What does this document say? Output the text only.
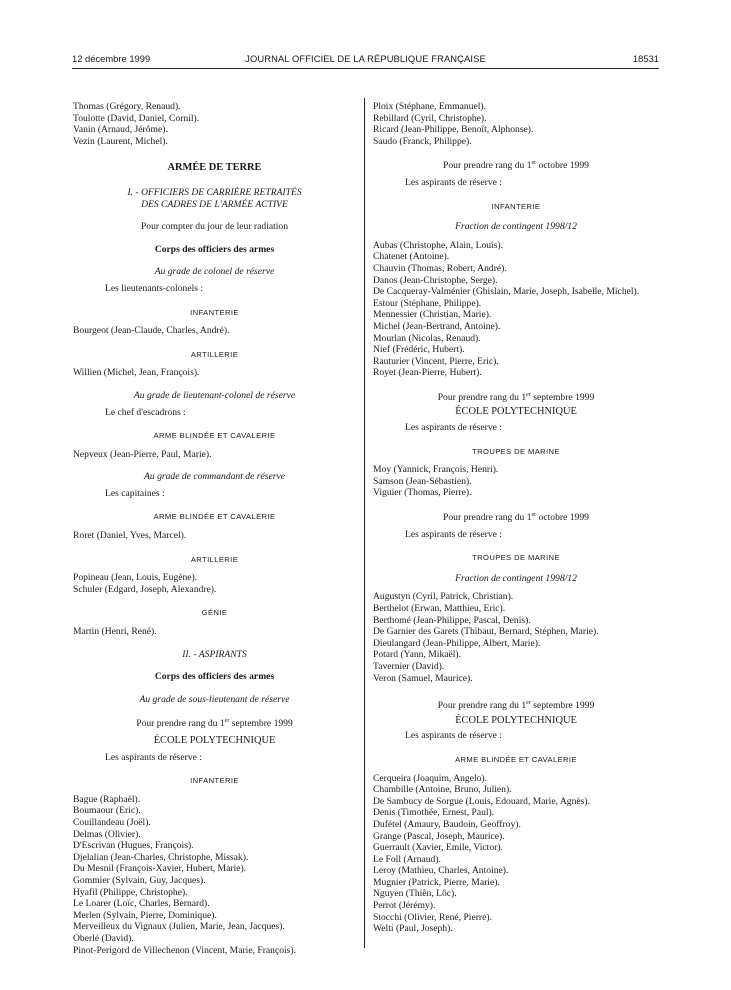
12 décembre 1999	JOURNAL OFFICIEL DE LA RÉPUBLIQUE FRANÇAISE	18531

Thomas (Grégory, Renaud).

Toulotte (David, Daniel, Cornil).

Vanin (Arnaud, Jérôme).

Vezin (Laurent, Michel).

ARMÉE DE TERRE

I. - OFFICIERS DE CARRIÈRE RETRAITÉS

DES CADRES DE L'ARMÉE ACTIVE

Pour compter du jour de leur radiation

Corps des officiers des armes

Au grade de colonel de réserve

Les lieutenants-colonels :

INFANTERIE

Bourgeot (Jean-Claude, Charles, André).

ARTILLERIE

Willien (Michel, Jean, François).

Au grade de lieutenant-colonel de réserve

Le chef d'escadrons :

ARME BLINDÉE ET CAVALERIE

Nepveux (Jean-Pierre, Paul, Marie).

Au grade de commandant de réserve

Les capitaines :

ARME BLINDÉE ET CAVALERIE

Roret (Daniel, Yves, Marcel).

ARTILLERIE

Popineau (Jean, Louis, Eugène).

Schuler (Edgard, Joseph, Alexandre).

GÉNIE

Martin (Henri, René).

II. - ASPIRANTS

Corps des officiers des armes

Au grade de sous-lieutenant de réserve

Pour prendre rang du 1er septembre 1999

ÉCOLE POLYTECHNIQUE

Les aspirants de réserve :

INFANTERIE

Bague (Raphaël).

Boumaour (Eric).

Couillandeau (Joël).

Delmas (Olivier).

D'Escrivan (Hugues, François).

Djelalian (Jean-Charles, Christophe, Missak).

Du Mesnil (François-Xavier, Hubert, Marie).

Gommier (Sylvain, Guy, Jacques).

Hyafil (Philippe, Christophe).

Le Loarer (Loïc, Charles, Bernard).

Merlen (Sylvain, Pierre, Dominique).

Merveilleux du Vignaux (Julien, Marie, Jean, Jacques).

Oberlé (David).

Pinot-Perigord de Villechenon (Vincent, Marie, François).

Ploix (Stéphane, Emmanuel).

Rebillard (Cyril, Christophe).

Ricard (Jean-Philippe, Benoît, Alphonse).

Saudo (Franck, Philippe).

Pour prendre rang du 1er octobre 1999

Les aspirants de réserve :

INFANTERIE

Fraction de contingent 1998/12

Aubas (Christophe, Alain, Louis).

Chatenet (Antoine).

Chauvin (Thomas, Robert, André).

Danos (Jean-Christophe, Serge).

De Cacqueray-Valménier (Ghislain, Marie, Joseph, Isabelle, Michel).

Estour (Stéphane, Philippe).

Mennessier (Christian, Marie).

Michel (Jean-Bertrand, Antoine).

Mourlan (Nicolas, Renaud).

Nief (Frédéric, Hubert).

Rauturier (Vincent, Pierre, Eric).

Royet (Jean-Pierre, Hubert).

Pour prendre rang du 1er septembre 1999

ÉCOLE POLYTECHNIQUE

Les aspirants de réserve :

TROUPES DE MARINE

Moy (Yannick, François, Henri).

Samson (Jean-Sébastien).

Viguier (Thomas, Pierre).

Pour prendre rang du 1er octobre 1999

Les aspirants de réserve :

TROUPES DE MARINE

Fraction de contingent 1998/12

Augustyn (Cyril, Patrick, Christian).

Berthelot (Erwan, Matthieu, Eric).

Berthomé (Jean-Philippe, Pascal, Denis).

De Garnier des Garets (Thibaut, Bernard, Stéphen, Marie).

Dieulangard (Jean-Philippe, Albert, Marie).

Potard (Yann, Mikaël).

Tavernier (David).

Veron (Samuel, Maurice).

Pour prendre rang du 1er septembre 1999

ÉCOLE POLYTECHNIQUE

Les aspirants de réserve :

ARME BLINDÉE ET CAVALERIE

Cerqueira (Joaquim, Angelo).

Chambille (Antoine, Bruno, Julien).

De Sambucy de Sorgue (Louis, Edouard, Marie, Agnès).

Denis (Timothée, Ernest, Paul).

Dufétel (Amaury, Baudoin, Geoffroy).

Grange (Pascal, Joseph, Maurice).

Guerrault (Xavier, Emile, Victor).

Le Foll (Arnaud).

Leroy (Mathieu, Charles, Antoine).

Mugnier (Patrick, Pierre, Marie).

Nguyen (Thiên, Lôc).

Perrot (Jérémy).

Stocchi (Olivier, René, Pierre).

Welti (Paul, Joseph).
